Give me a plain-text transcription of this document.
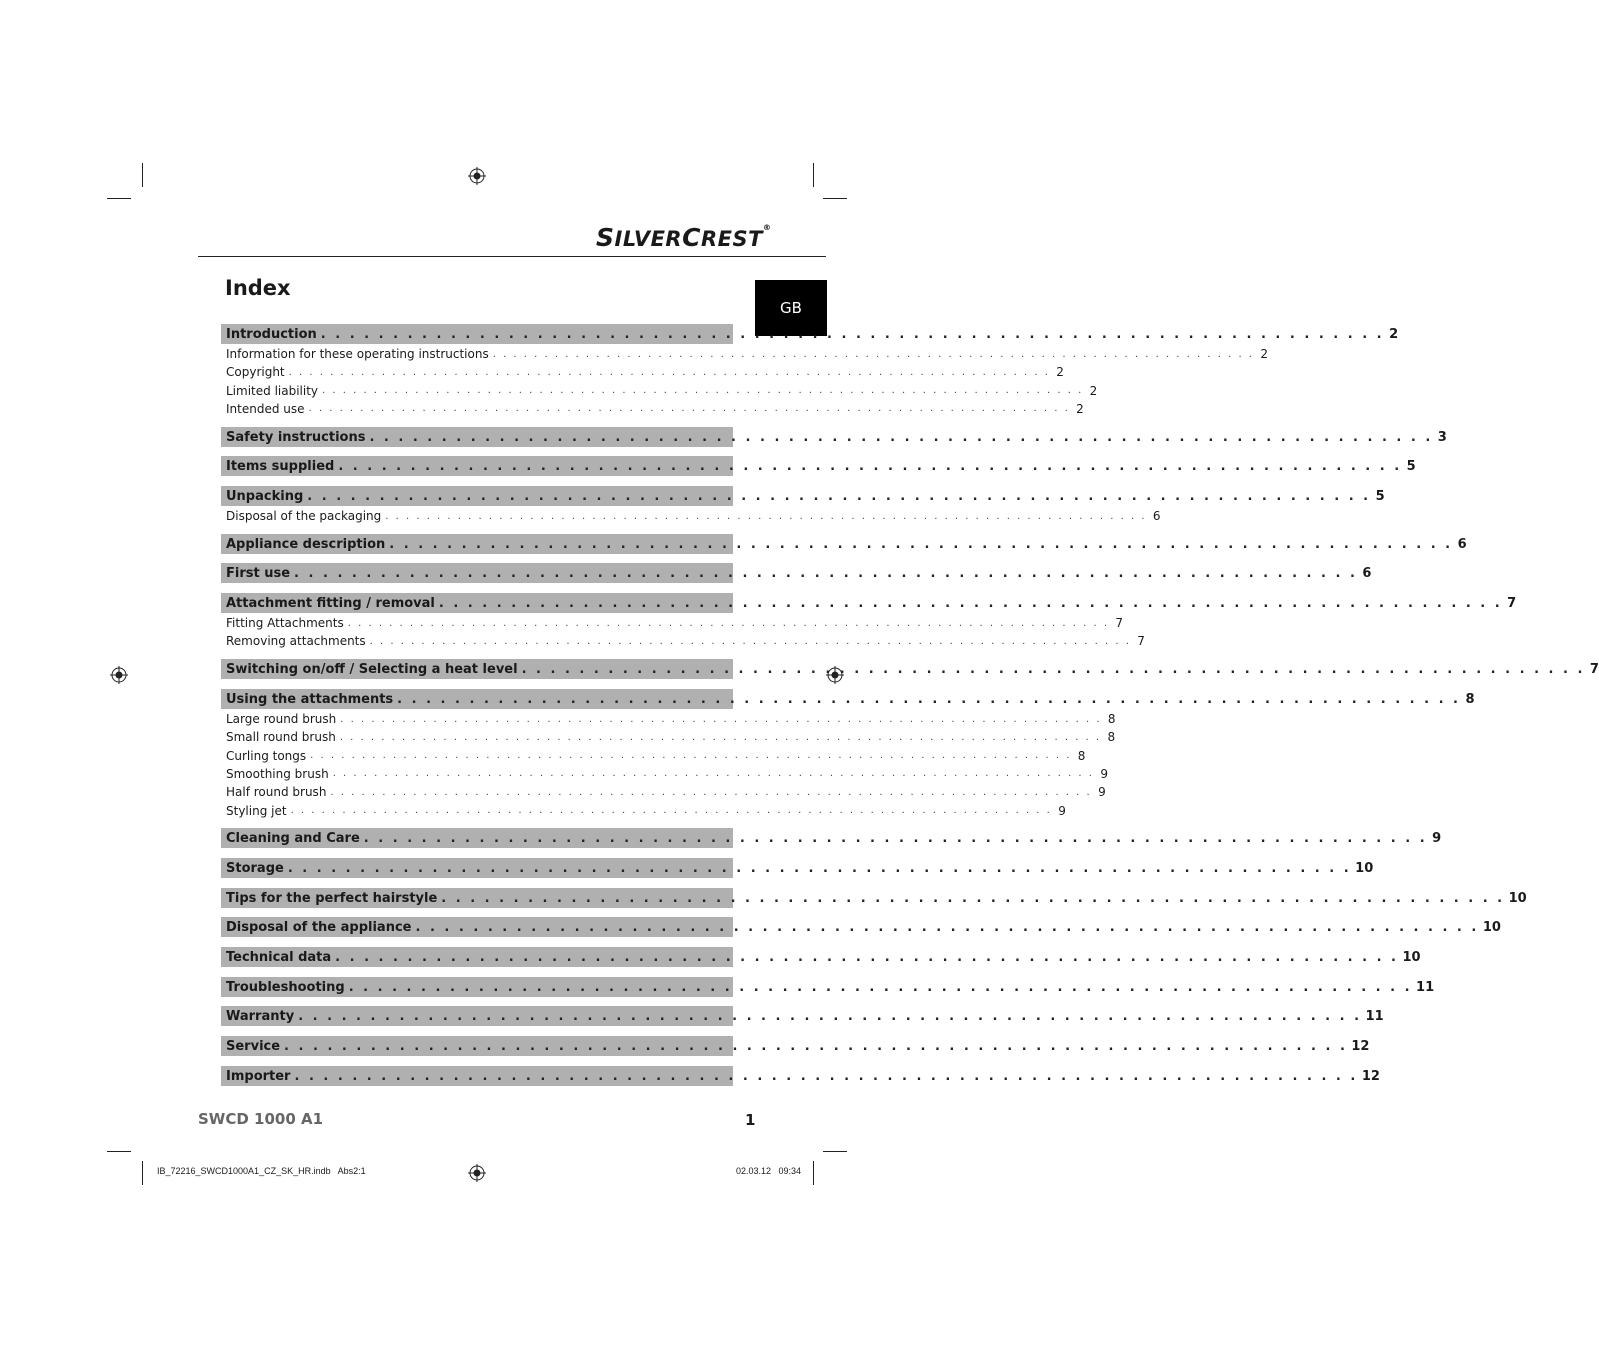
SILVERCREST®
GB
Index
Introduction . . . . . . . . . . . . . . . . . . . . . . . . . . . . . . . . . . . . . . . . . . . . . . . . . . . . . . . . . . . . . . . . . . . . . . . . . . 2
Information for these operating instructions . . . . . . . . . . . . . . . . . . . . . . . . . . . . . . . . . . . . . . . . . . . . . . . . . . . . . . . . . . . . . . . . . . . . . . . . . . 2
Copyright . . . . . . . . . . . . . . . . . . . . . . . . . . . . . . . . . . . . . . . . . . . . . . . . . . . . . . . . . . . . . . . . . . . . . . . . . . 2
Limited liability . . . . . . . . . . . . . . . . . . . . . . . . . . . . . . . . . . . . . . . . . . . . . . . . . . . . . . . . . . . . . . . . . . . . . . . . . . 2
Intended use . . . . . . . . . . . . . . . . . . . . . . . . . . . . . . . . . . . . . . . . . . . . . . . . . . . . . . . . . . . . . . . . . . . . . . . . . . 2
Safety instructions . . . . . . . . . . . . . . . . . . . . . . . . . . . . . . . . . . . . . . . . . . . . . . . . . . . . . . . . . . . . . . . . . . . . . . . . . . 3
Items supplied . . . . . . . . . . . . . . . . . . . . . . . . . . . . . . . . . . . . . . . . . . . . . . . . . . . . . . . . . . . . . . . . . . . . . . . . . . 5
Unpacking . . . . . . . . . . . . . . . . . . . . . . . . . . . . . . . . . . . . . . . . . . . . . . . . . . . . . . . . . . . . . . . . . . . . . . . . . . 5
Disposal of the packaging . . . . . . . . . . . . . . . . . . . . . . . . . . . . . . . . . . . . . . . . . . . . . . . . . . . . . . . . . . . . . . . . . . . . . . . . . . 6
Appliance description . . . . . . . . . . . . . . . . . . . . . . . . . . . . . . . . . . . . . . . . . . . . . . . . . . . . . . . . . . . . . . . . . . . . . . . . . . 6
First use . . . . . . . . . . . . . . . . . . . . . . . . . . . . . . . . . . . . . . . . . . . . . . . . . . . . . . . . . . . . . . . . . . . . . . . . . . 6
Attachment fitting / removal . . . . . . . . . . . . . . . . . . . . . . . . . . . . . . . . . . . . . . . . . . . . . . . . . . . . . . . . . . . . . . . . . . . . . . . . . . 7
Fitting Attachments . . . . . . . . . . . . . . . . . . . . . . . . . . . . . . . . . . . . . . . . . . . . . . . . . . . . . . . . . . . . . . . . . . . . . . . . . . 7
Removing attachments . . . . . . . . . . . . . . . . . . . . . . . . . . . . . . . . . . . . . . . . . . . . . . . . . . . . . . . . . . . . . . . . . . . . . . . . . . 7
Switching on/off / Selecting a heat level . . . . . . . . . . . . . . . . . . . . . . . . . . . . . . . . . . . . . . . . . . . . . . . . . . . . . . . . . . . . . . . . . . . . . . . . . . 7
Using the attachments . . . . . . . . . . . . . . . . . . . . . . . . . . . . . . . . . . . . . . . . . . . . . . . . . . . . . . . . . . . . . . . . . . . . . . . . . . 8
Large round brush . . . . . . . . . . . . . . . . . . . . . . . . . . . . . . . . . . . . . . . . . . . . . . . . . . . . . . . . . . . . . . . . . . . . . . . . . . 8
Small round brush . . . . . . . . . . . . . . . . . . . . . . . . . . . . . . . . . . . . . . . . . . . . . . . . . . . . . . . . . . . . . . . . . . . . . . . . . . 8
Curling tongs . . . . . . . . . . . . . . . . . . . . . . . . . . . . . . . . . . . . . . . . . . . . . . . . . . . . . . . . . . . . . . . . . . . . . . . . . . 8
Smoothing brush . . . . . . . . . . . . . . . . . . . . . . . . . . . . . . . . . . . . . . . . . . . . . . . . . . . . . . . . . . . . . . . . . . . . . . . . . . 9
Half round brush . . . . . . . . . . . . . . . . . . . . . . . . . . . . . . . . . . . . . . . . . . . . . . . . . . . . . . . . . . . . . . . . . . . . . . . . . . 9
Styling jet . . . . . . . . . . . . . . . . . . . . . . . . . . . . . . . . . . . . . . . . . . . . . . . . . . . . . . . . . . . . . . . . . . . . . . . . . . 9
Cleaning and Care . . . . . . . . . . . . . . . . . . . . . . . . . . . . . . . . . . . . . . . . . . . . . . . . . . . . . . . . . . . . . . . . . . . . . . . . . . 9
Storage . . . . . . . . . . . . . . . . . . . . . . . . . . . . . . . . . . . . . . . . . . . . . . . . . . . . . . . . . . . . . . . . . . . . . . . . . . 10
Tips for the perfect hairstyle . . . . . . . . . . . . . . . . . . . . . . . . . . . . . . . . . . . . . . . . . . . . . . . . . . . . . . . . . . . . . . . . . . . . . . . . . . 10
Disposal of the appliance . . . . . . . . . . . . . . . . . . . . . . . . . . . . . . . . . . . . . . . . . . . . . . . . . . . . . . . . . . . . . . . . . . . . . . . . . . 10
Technical data . . . . . . . . . . . . . . . . . . . . . . . . . . . . . . . . . . . . . . . . . . . . . . . . . . . . . . . . . . . . . . . . . . . . . . . . . . 10
Troubleshooting . . . . . . . . . . . . . . . . . . . . . . . . . . . . . . . . . . . . . . . . . . . . . . . . . . . . . . . . . . . . . . . . . . . . . . . . . . 11
Warranty . . . . . . . . . . . . . . . . . . . . . . . . . . . . . . . . . . . . . . . . . . . . . . . . . . . . . . . . . . . . . . . . . . . . . . . . . . 11
Service . . . . . . . . . . . . . . . . . . . . . . . . . . . . . . . . . . . . . . . . . . . . . . . . . . . . . . . . . . . . . . . . . . . . . . . . . . 12
Importer . . . . . . . . . . . . . . . . . . . . . . . . . . . . . . . . . . . . . . . . . . . . . . . . . . . . . . . . . . . . . . . . . . . . . . . . . . 12
SWCD 1000 A1	1
IB_72216_SWCD1000A1_CZ_SK_HR.indb   Abs2:1	02.03.12   09:34
